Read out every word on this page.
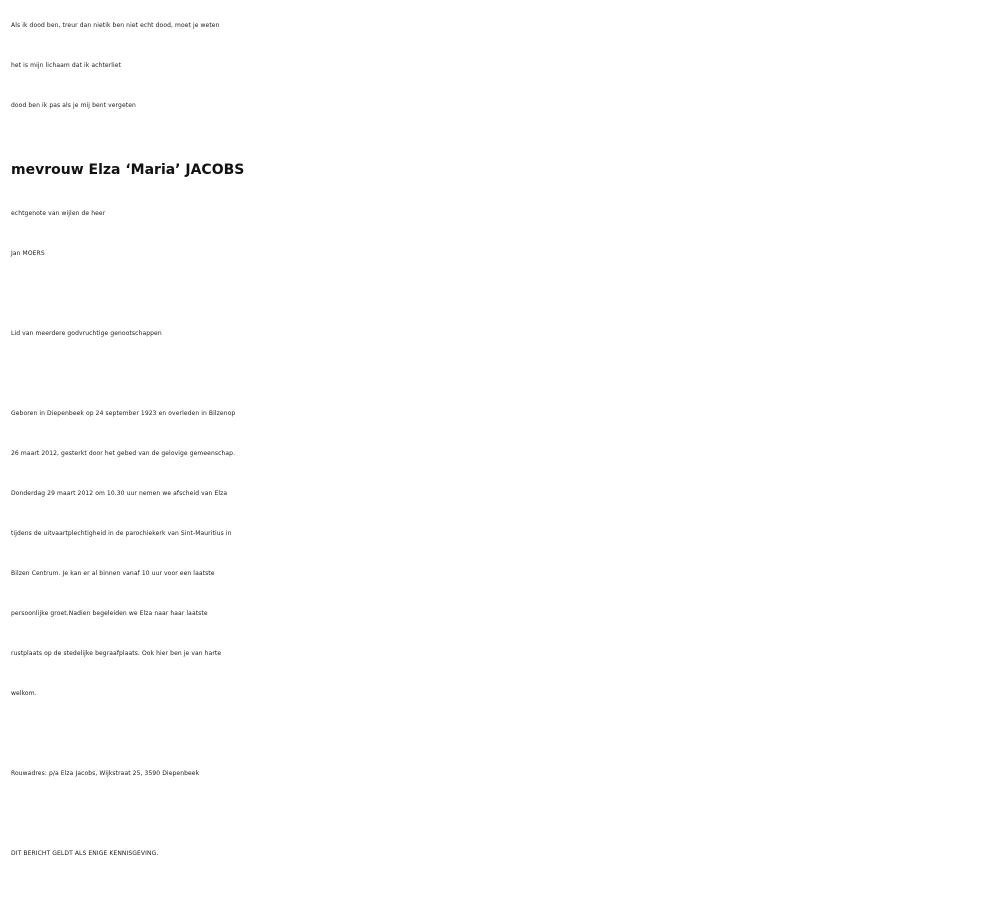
Als ik dood ben, treur dan nietik ben niet echt dood, moet je weten
het is mijn lichaam dat ik achterliet
dood ben ik pas als je mij bent vergeten
mevrouw Elza ‘Maria’ JACOBS
echtgenote van wijlen de heer
Jan MOERS
Lid van meerdere godvruchtige genootschappen
Geboren in Diepenbeek op 24 september 1923 en overleden in Bilzenop
26 maart 2012, gesterkt door het gebed van de gelovige gemeenschap.
Donderdag 29 maart 2012 om 10.30 uur nemen we afscheid van Elza
tijdens de uitvaartplechtigheid in de parochiekerk van Sint-Mauritius in
Bilzen Centrum. Je kan er al binnen vanaf 10 uur voor een laatste
persoonlijke groet.Nadien begeleiden we Elza naar haar laatste
rustplaats op de stedelijke begraafplaats. Ook hier ben je van harte
welkom.
Rouwadres: p/a Elza Jacobs, Wijkstraat 25, 3590 Diepenbeek
DIT BERICHT GELDT ALS ENIGE KENNISGEVING.
